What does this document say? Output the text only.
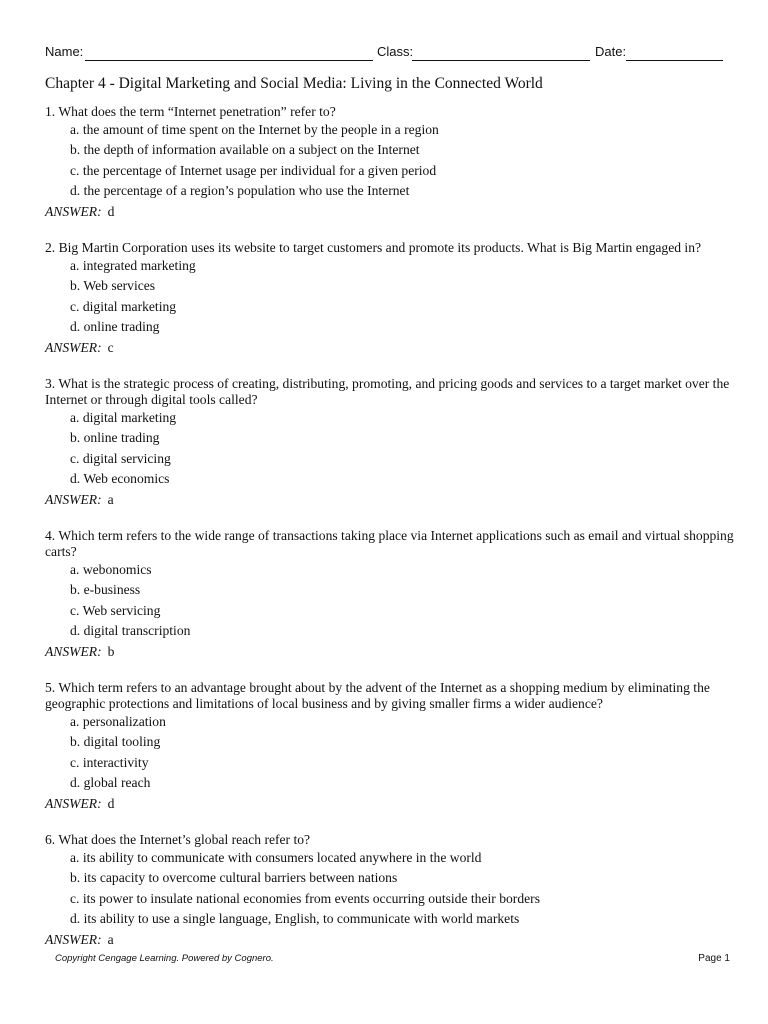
Name:	Class:	Date:
Chapter 4 - Digital Marketing and Social Media: Living in the Connected World
1. What does the term “Internet penetration” refer to?
a. the amount of time spent on the Internet by the people in a region
b. the depth of information available on a subject on the Internet
c. the percentage of Internet usage per individual for a given period
d. the percentage of a region’s population who use the Internet
ANSWER: d
2. Big Martin Corporation uses its website to target customers and promote its products. What is Big Martin engaged in?
a. integrated marketing
b. Web services
c. digital marketing
d. online trading
ANSWER: c
3. What is the strategic process of creating, distributing, promoting, and pricing goods and services to a target market over the Internet or through digital tools called?
a. digital marketing
b. online trading
c. digital servicing
d. Web economics
ANSWER: a
4. Which term refers to the wide range of transactions taking place via Internet applications such as email and virtual shopping carts?
a. webonomics
b. e-business
c. Web servicing
d. digital transcription
ANSWER: b
5. Which term refers to an advantage brought about by the advent of the Internet as a shopping medium by eliminating the geographic protections and limitations of local business and by giving smaller firms a wider audience?
a. personalization
b. digital tooling
c. interactivity
d. global reach
ANSWER: d
6. What does the Internet’s global reach refer to?
a. its ability to communicate with consumers located anywhere in the world
b. its capacity to overcome cultural barriers between nations
c. its power to insulate national economies from events occurring outside their borders
d. its ability to use a single language, English, to communicate with world markets
ANSWER: a
Copyright Cengage Learning. Powered by Cognero.	Page 1
